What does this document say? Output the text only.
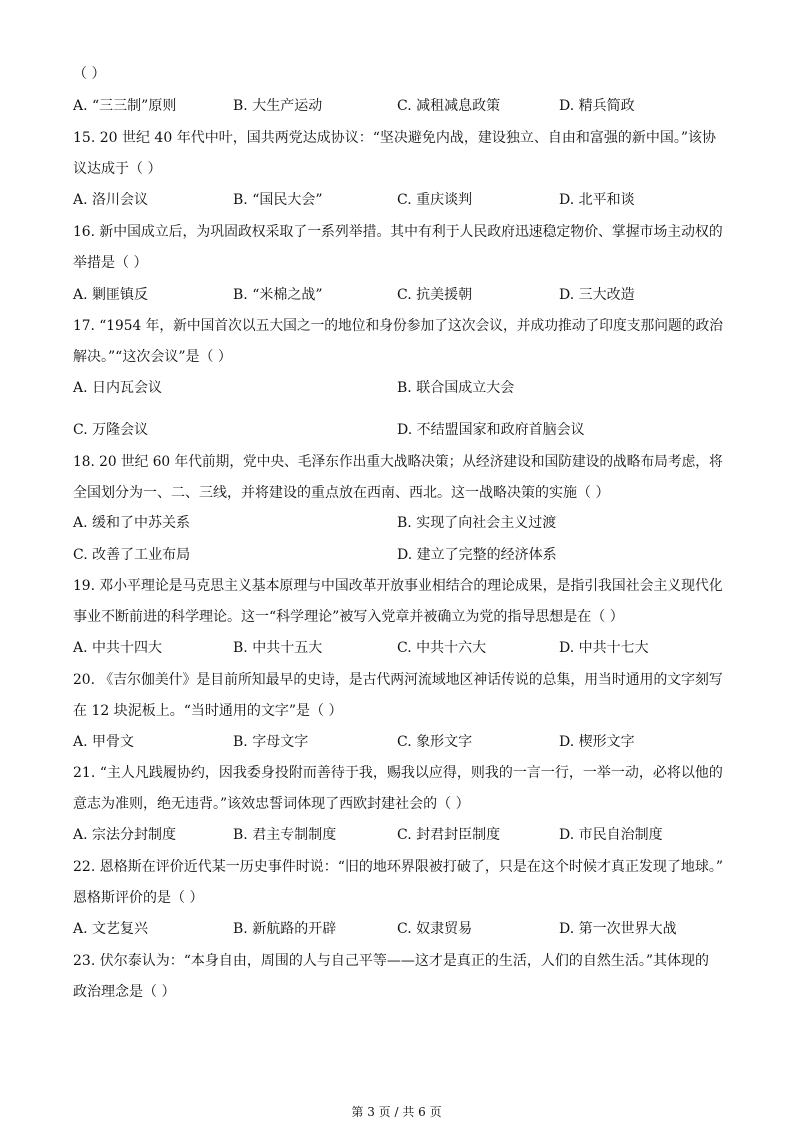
（ ）
A. “三三制”原则	B. 大生产运动	C. 减租减息政策	D. 精兵简政
15. 20 世纪 40 年代中叶，国共两党达成协议：“坚决避免内战，建设独立、自由和富强的新中国。”该协
议达成于（ ）
A. 洛川会议	B. “国民大会”	C. 重庆谈判	D. 北平和谈
16. 新中国成立后，为巩固政权采取了一系列举措。其中有利于人民政府迅速稳定物价、掌握市场主动权的
举措是（ ）
A. 剿匪镇反	B. “米棉之战”	C. 抗美援朝	D. 三大改造
17. “1954 年，新中国首次以五大国之一的地位和身份参加了这次会议，并成功推动了印度支那问题的政治
解决。”“这次会议”是（ ）
A. 日内瓦会议	B. 联合国成立大会
C. 万隆会议	D. 不结盟国家和政府首脑会议
18. 20 世纪 60 年代前期，党中央、毛泽东作出重大战略决策；从经济建设和国防建设的战略布局考虑，将
全国划分为一、二、三线，并将建设的重点放在西南、西北。这一战略决策的实施（ ）
A. 缓和了中苏关系	B. 实现了向社会主义过渡
C. 改善了工业布局	D. 建立了完整的经济体系
19. 邓小平理论是马克思主义基本原理与中国改革开放事业相结合的理论成果，是指引我国社会主义现代化
事业不断前进的科学理论。这一“科学理论”被写入党章并被确立为党的指导思想是在（ ）
A. 中共十四大	B. 中共十五大	C. 中共十六大	D. 中共十七大
20. 《吉尔伽美什》是目前所知最早的史诗，是古代两河流域地区神话传说的总集，用当时通用的文字刻写
在 12 块泥板上。“当时通用的文字”是（ ）
A. 甲骨文	B. 字母文字	C. 象形文字	D. 楔形文字
21. “主人凡践履协约，因我委身投附而善待于我，赐我以应得，则我的一言一行，一举一动，必将以他的
意志为准则，绝无违背。”该效忠誓词体现了西欧封建社会的（ ）
A. 宗法分封制度	B. 君主专制制度	C. 封君封臣制度	D. 市民自治制度
22. 恩格斯在评价近代某一历史事件时说：“旧的地环界限被打破了，只是在这个时候才真正发现了地球。”
恩格斯评价的是（ ）
A. 文艺复兴	B. 新航路的开辟	C. 奴隶贸易	D. 第一次世界大战
23. 伏尔泰认为：“本身自由，周围的人与自己平等——这才是真正的生活，人们的自然生活。”其体现的
政治理念是（ ）
第 3 页 / 共 6 页
